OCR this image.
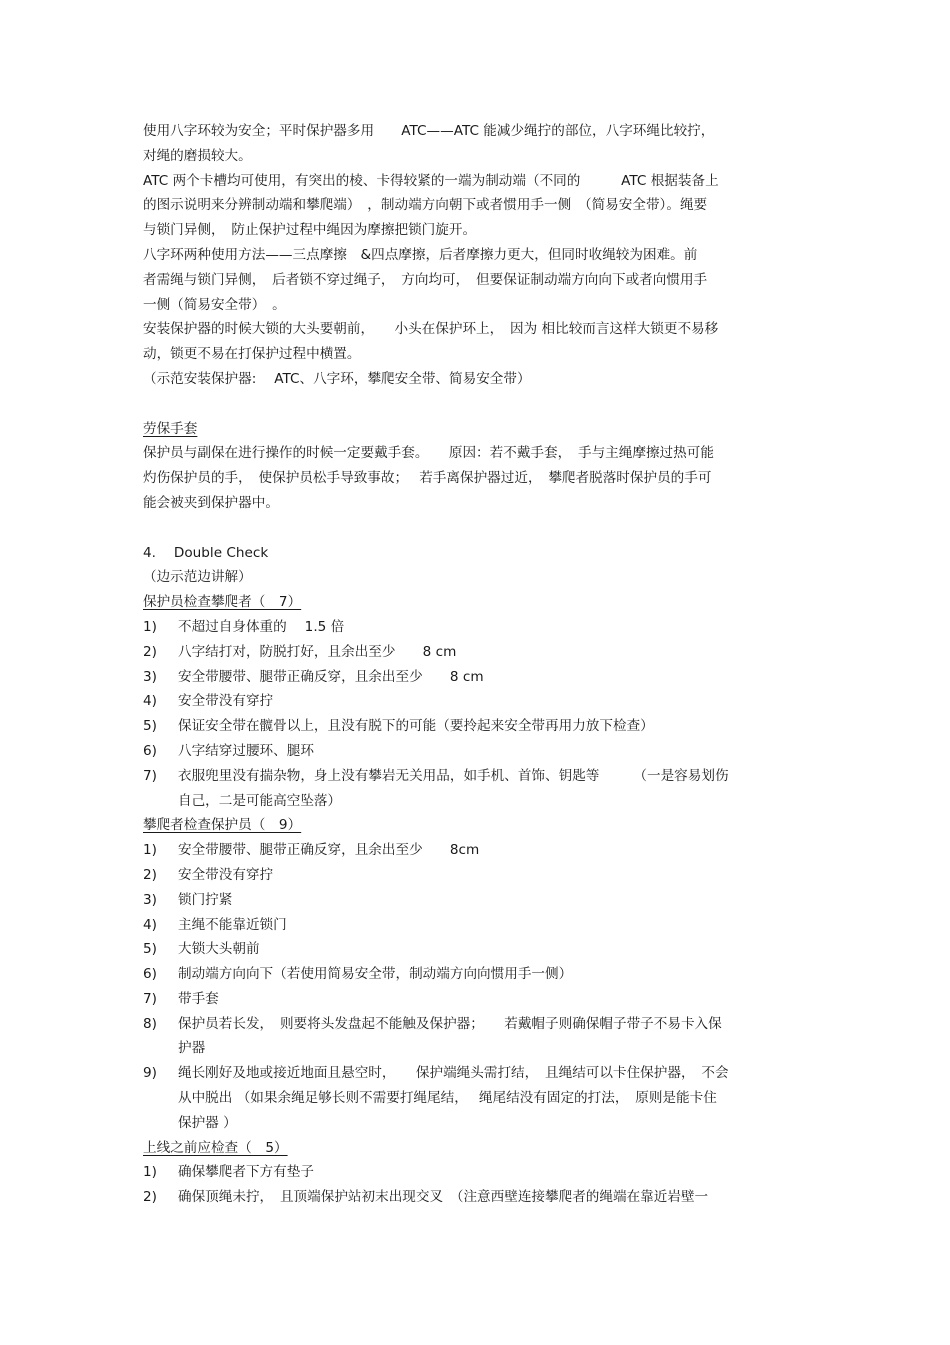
使用八字环较为安全；平时保护器多用　　ATC——ATC 能减少绳拧的部位，八字环绳比较拧，
对绳的磨损较大。

ATC 两个卡槽均可使用，有突出的棱、卡得较紧的一端为制动端（不同的　　　ATC 根据装备上
的图示说明来分辨制动端和攀爬端）　，制动端方向朝下或者惯用手一侧　（简易安全带）。绳要
与锁门异侧，　防止保护过程中绳因为摩擦把锁门旋开。

八字环两种使用方法——三点摩擦　&四点摩擦，后者摩擦力更大，但同时收绳较为困难。前
者需绳与锁门异侧，　后者锁不穿过绳子，　方向均可，　但要保证制动端方向向下或者向惯用手
一侧（简易安全带）　。

安装保护器的时候大锁的大头要朝前，　　小头在保护环上，　因为 相比较而言这样大锁更不易移
动，锁更不易在打保护过程中横置。

（示范安装保护器:　 ATC、八字环，攀爬安全带、简易安全带）

劳保手套

保护员与副保在进行操作的时候一定要戴手套。　　原因：若不戴手套，　手与主绳摩擦过热可能
灼伤保护员的手，　使保护员松手导致事故；　 若手离保护器过近，　攀爬者脱落时保护员的手可
能会被夹到保护器中。

4.　 Double Check

（边示范边讲解）

保护员检查攀爬者（　7）

1)	不超过自身体重的　 1.5 倍
2)	八字结打对，防脱打好，且余出至少　　8 cm
3)	安全带腰带、腿带正确反穿，且余出至少　　8 cm
4)	安全带没有穿拧
5)	保证安全带在髋骨以上，且没有脱下的可能（要拎起来安全带再用力放下检查）
6)	八字结穿过腰环、腿环
7)	衣服兜里没有揣杂物，身上没有攀岩无关用品，如手机、首饰、钥匙等　　　（一是容易划伤
自己，二是可能高空坠落）

攀爬者检查保护员（　9）

1)	安全带腰带、腿带正确反穿，且余出至少　　8cm
2)	安全带没有穿拧
3)	锁门拧紧
4)	主绳不能靠近锁门
5)	大锁大头朝前
6)	制动端方向向下（若使用简易安全带，制动端方向向惯用手一侧）
7)	带手套
8)	保护员若长发，　则要将头发盘起不能触及保护器；　　若戴帽子则确保帽子带子不易卡入保
护器
9)	绳长刚好及地或接近地面且悬空时，　　保护端绳头需打结，　且绳结可以卡住保护器，　不会
从中脱出 （如果余绳足够长则不需要打绳尾结，　 绳尾结没有固定的打法，　原则是能卡住
保护器 ）

上线之前应检查（　5）

1)	确保攀爬者下方有垫子
2)	确保顶绳未拧，　且顶端保护站初末出现交叉　（注意西壁连接攀爬者的绳端在靠近岩壁一
